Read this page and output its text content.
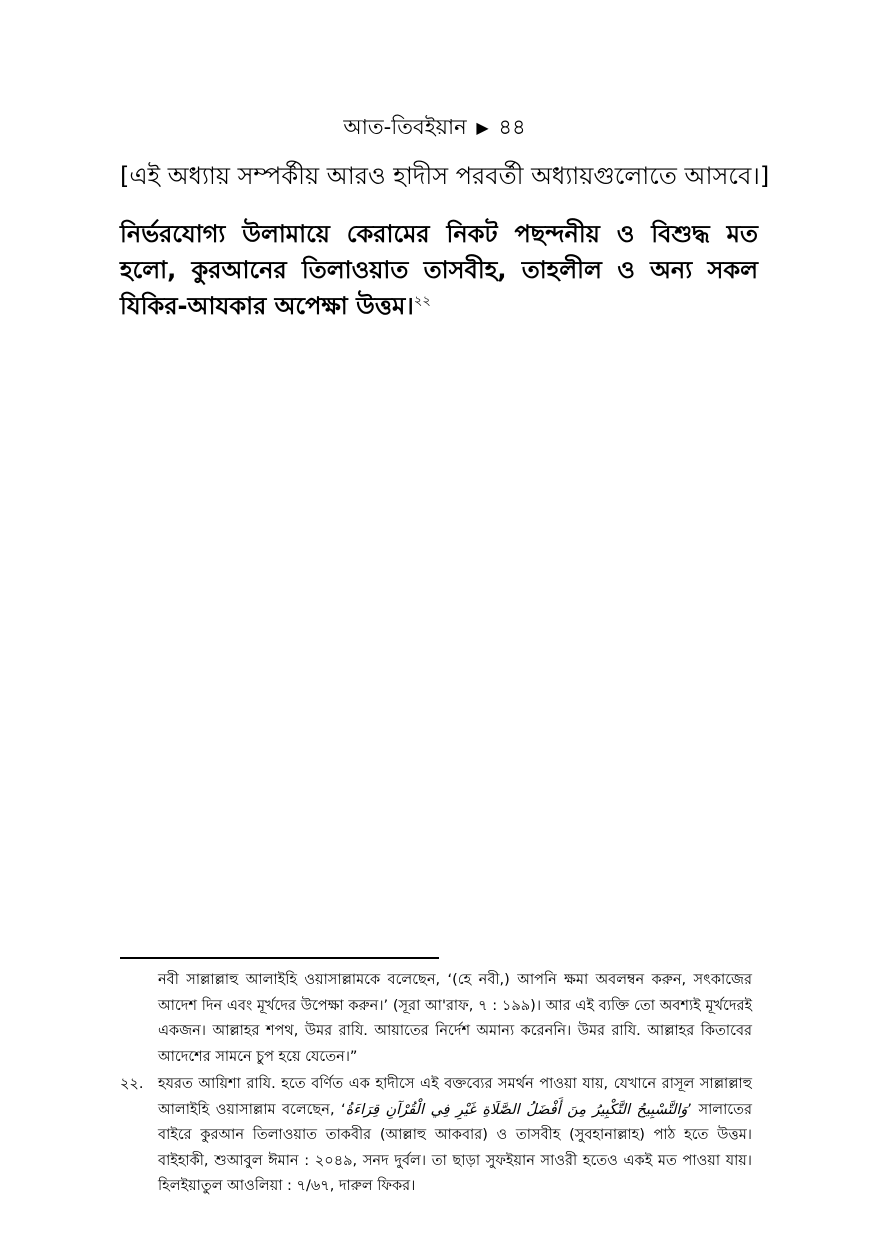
আত-তিবইয়ান ▶ ৪৪
[এই অধ্যায় সম্পর্কীয় আরও হাদীস পরবর্তী অধ্যায়গুলোতে আসবে।]
নির্ভরযোগ্য উলামায়ে কেরামের নিকট পছন্দনীয় ও বিশুদ্ধ মত হলো, কুরআনের তিলাওয়াত তাসবীহ, তাহলীল ও অন্য সকল যিকির-আযকার অপেক্ষা উত্তম।$^{২২}$
নবী সাল্লাল্লাহু আলাইহি ওয়াসাল্লামকে বলেছেন, ‘(হে নবী,) আপনি ক্ষমা অবলম্বন করুন, সৎকাজের আদেশ দিন এবং মূর্খদের উপেক্ষা করুন।’ (সূরা আ'রাফ, ৭ : ১৯৯)। আর এই ব্যক্তি তো অবশ্যই মূর্খদেরই একজন। আল্লাহর শপথ, উমর রাযি. আয়াতের নির্দেশ অমান্য করেননি। উমর রাযি. আল্লাহর কিতাবের আদেশের সামনে চুপ হয়ে যেতেন।”
২২.	হযরত আয়িশা রাযি. হতে বর্ণিত এক হাদীসে এই বক্তব্যের সমর্থন পাওয়া যায়, যেখানে রাসূল সাল্লাল্লাহু আলাইহি ওয়াসাল্লাম বলেছেন, ‘وَالتَّسْبِيحُ التَّكْبِيرُ مِنَ أَفْضَلُ الصَّلَاةِ غَيْرِ فِي الْقُرْآنِ قِرَاءَةُ’ সালাতের বাইরে কুরআন তিলাওয়াত তাকবীর (আল্লাহু আকবার) ও তাসবীহ (সুবহানাল্লাহ) পাঠ হতে উত্তম। বাইহাকী, শুআবুল ঈমান : ২০৪৯, সনদ দুর্বল। তা ছাড়া সুফইয়ান সাওরী হতেও একই মত পাওয়া যায়। হিলইয়াতুল আওলিয়া : ৭/৬৭, দারুল ফিকর।
